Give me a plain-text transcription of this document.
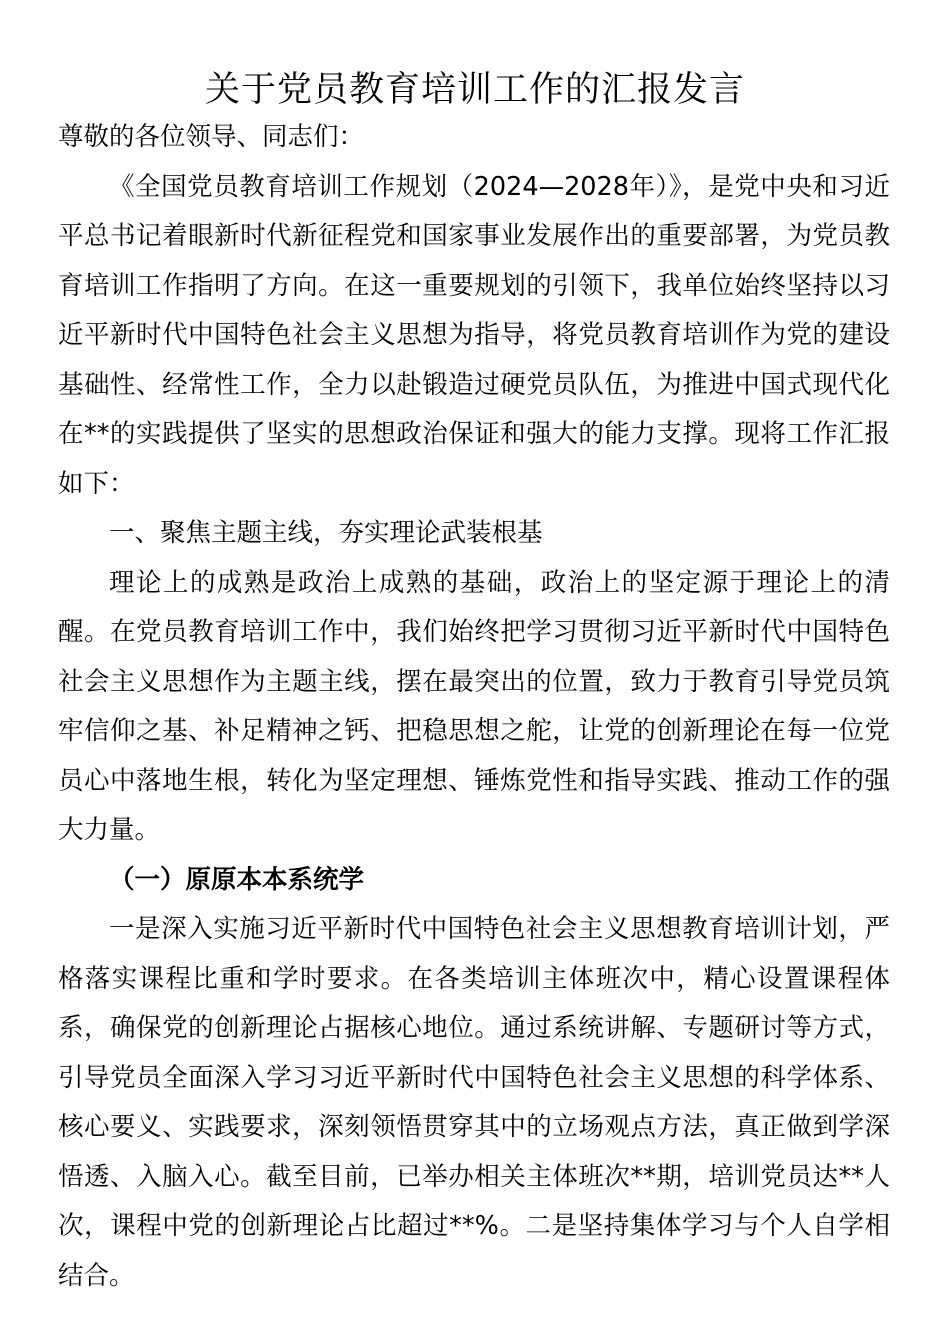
关于党员教育培训工作的汇报发言

尊敬的各位领导、同志们：

《全国党员教育培训工作规划（2024—2028年）》，是党中央和习近平总书记着眼新时代新征程党和国家事业发展作出的重要部署，为党员教育培训工作指明了方向。在这一重要规划的引领下，我单位始终坚持以习近平新时代中国特色社会主义思想为指导，将党员教育培训作为党的建设基础性、经常性工作，全力以赴锻造过硬党员队伍，为推进中国式现代化在**的实践提供了坚实的思想政治保证和强大的能力支撑。现将工作汇报如下：

一、聚焦主题主线，夯实理论武装根基

理论上的成熟是政治上成熟的基础，政治上的坚定源于理论上的清醒。在党员教育培训工作中，我们始终把学习贯彻习近平新时代中国特色社会主义思想作为主题主线，摆在最突出的位置，致力于教育引导党员筑牢信仰之基、补足精神之钙、把稳思想之舵，让党的创新理论在每一位党员心中落地生根，转化为坚定理想、锤炼党性和指导实践、推动工作的强大力量。

（一）原原本本系统学

一是深入实施习近平新时代中国特色社会主义思想教育培训计划，严格落实课程比重和学时要求。在各类培训主体班次中，精心设置课程体系，确保党的创新理论占据核心地位。通过系统讲解、专题研讨等方式，引导党员全面深入学习习近平新时代中国特色社会主义思想的科学体系、核心要义、实践要求，深刻领悟贯穿其中的立场观点方法，真正做到学深悟透、入脑入心。截至目前，已举办相关主体班次**期，培训党员达**人次，课程中党的创新理论占比超过**%。二是坚持集体学习与个人自学相结合。
